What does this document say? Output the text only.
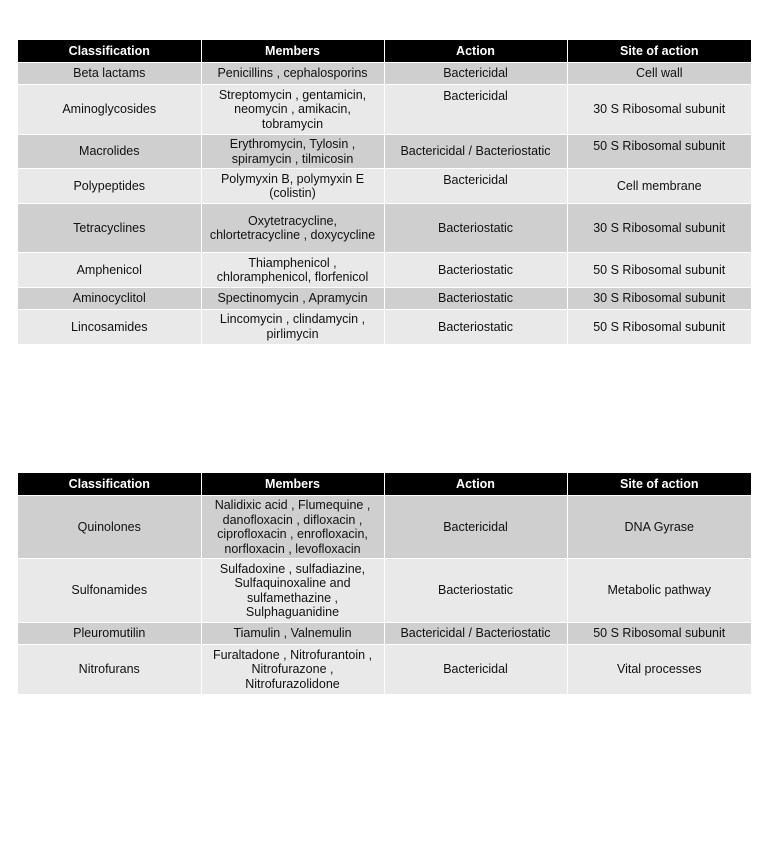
Classification	Members	Action	Site of action
Beta lactams	Penicillins , cephalosporins	Bactericidal	Cell wall
Aminoglycosides	Streptomycin , gentamicin, neomycin , amikacin, tobramycin	Bactericidal	30 S Ribosomal subunit
Macrolides	Erythromycin, Tylosin , spiramycin , tilmicosin	Bactericidal / Bacteriostatic	50 S Ribosomal subunit
Polypeptides	Polymyxin B, polymyxin E (colistin)	Bactericidal	Cell membrane
Tetracyclines	Oxytetracycline, chlortetracycline , doxycycline	Bacteriostatic	30 S Ribosomal subunit
Amphenicol	Thiamphenicol , chloramphenicol, florfenicol	Bacteriostatic	50 S Ribosomal subunit
Aminocyclitol	Spectinomycin , Apramycin	Bacteriostatic	30 S Ribosomal subunit
Lincosamides	Lincomycin , clindamycin , pirlimycin	Bacteriostatic	50 S Ribosomal subunit
Classification	Members	Action	Site of action
Quinolones	Nalidixic acid , Flumequine , danofloxacin , difloxacin , ciprofloxacin , enrofloxacin, norfloxacin , levofloxacin	Bactericidal	DNA Gyrase
Sulfonamides	Sulfadoxine , sulfadiazine, Sulfaquinoxaline and sulfamethazine , Sulphaguanidine	Bacteriostatic	Metabolic pathway
Pleuromutilin	Tiamulin , Valnemulin	Bactericidal / Bacteriostatic	50 S Ribosomal subunit
Nitrofurans	Furaltadone , Nitrofurantoin , Nitrofurazone , Nitrofurazolidone	Bactericidal	Vital processes
